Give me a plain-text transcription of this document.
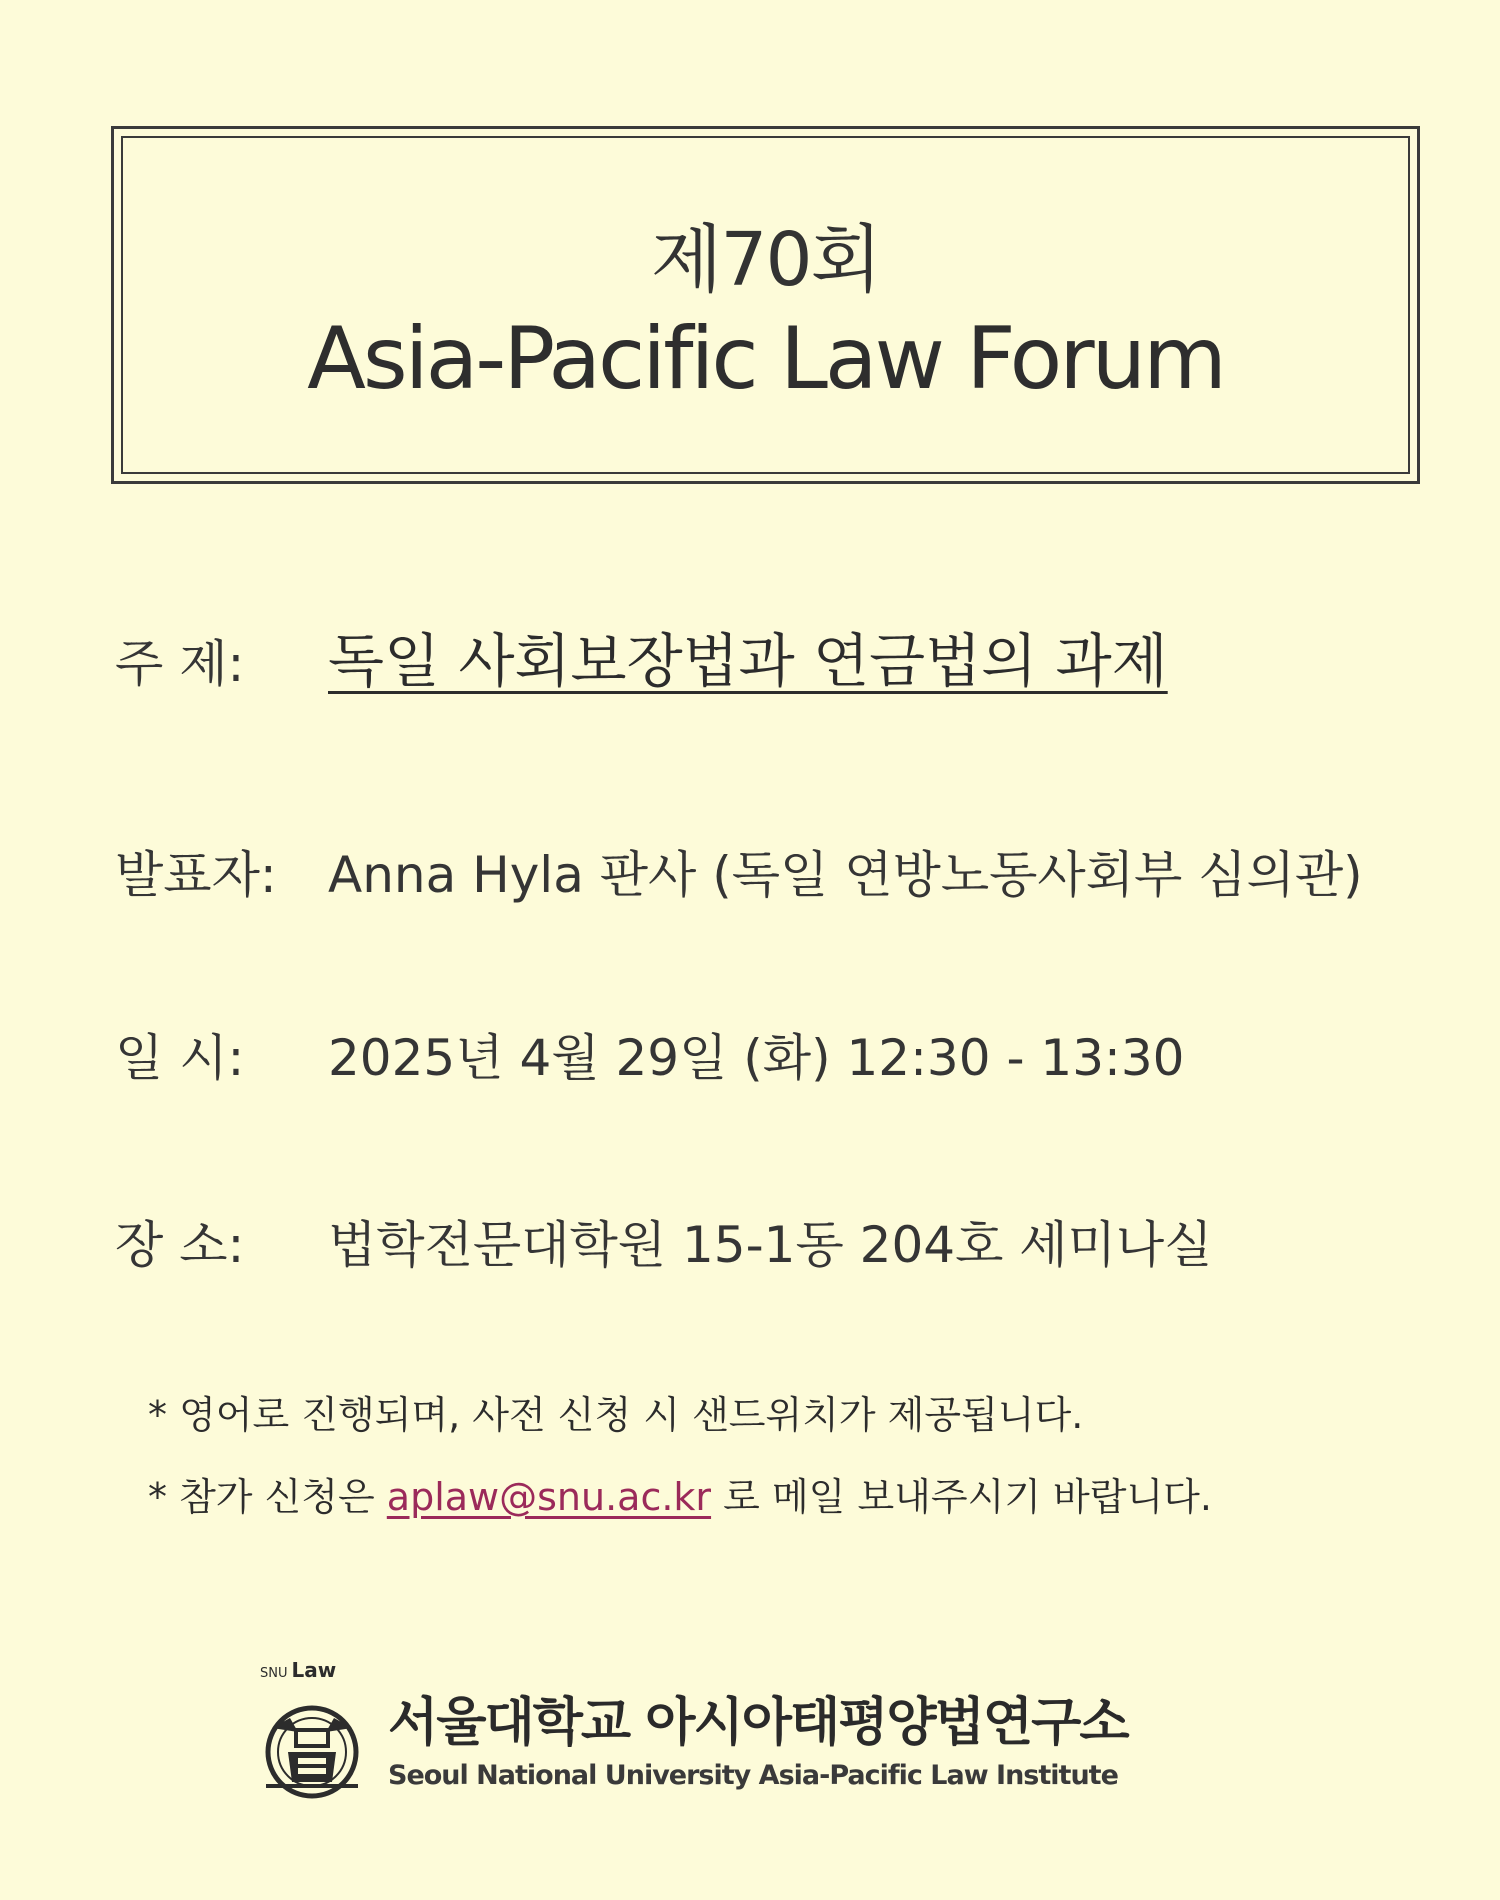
제70회
Asia-Pacific Law Forum
주 제: 독일 사회보장법과 연금법의 과제
발표자: Anna Hyla 판사 (독일 연방노동사회부 심의관)
일 시: 2025년 4월 29일 (화) 12:30 - 13:30
장 소: 법학전문대학원 15-1동 204호 세미나실
* 영어로 진행되며, 사전 신청 시 샌드위치가 제공됩니다.
* 참가 신청은 aplaw@snu.ac.kr 로 메일 보내주시기 바랍니다.
SNU Law
서울대학교 아시아태평양법연구소
Seoul National University Asia-Pacific Law Institute
